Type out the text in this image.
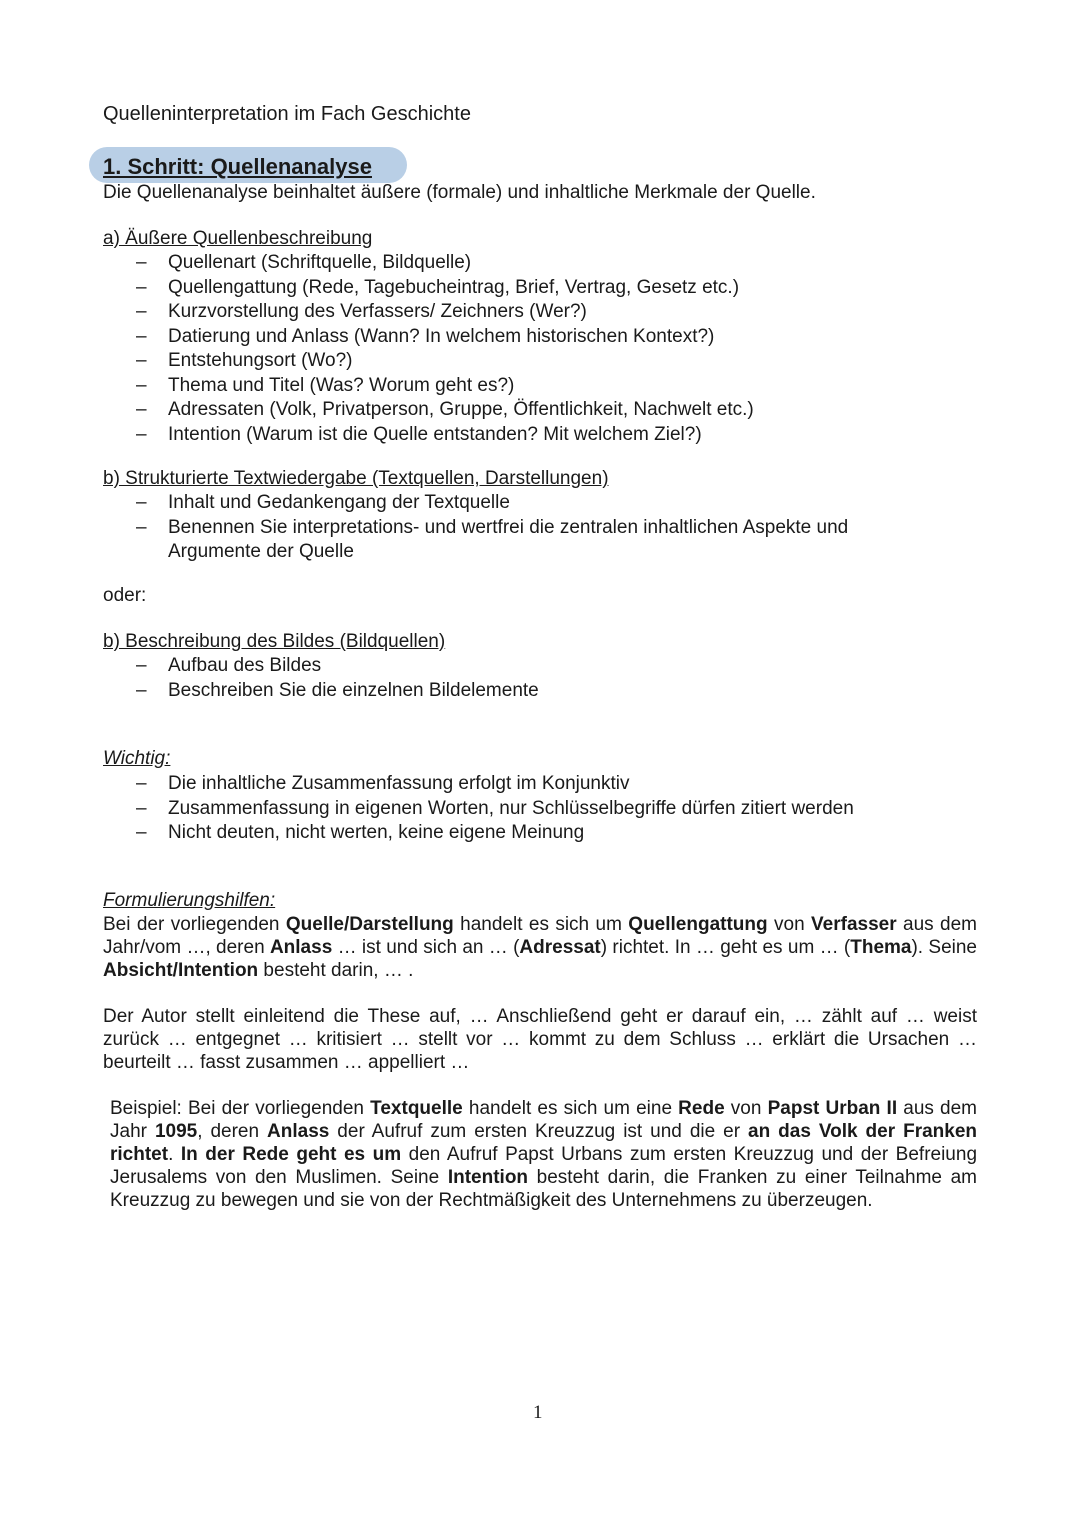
Quelleninterpretation im Fach Geschichte
1. Schritt: Quellenanalyse
Die Quellenanalyse beinhaltet äußere (formale) und inhaltliche Merkmale der Quelle.
a) Äußere Quellenbeschreibung
– Quellenart (Schriftquelle, Bildquelle)
– Quellengattung (Rede, Tagebucheintrag, Brief, Vertrag, Gesetz etc.)
– Kurzvorstellung des Verfassers/ Zeichners (Wer?)
– Datierung und Anlass (Wann? In welchem historischen Kontext?)
– Entstehungsort (Wo?)
– Thema und Titel (Was? Worum geht es?)
– Adressaten (Volk, Privatperson, Gruppe, Öffentlichkeit, Nachwelt etc.)
– Intention (Warum ist die Quelle entstanden? Mit welchem Ziel?)
b) Strukturierte Textwiedergabe (Textquellen, Darstellungen)
– Inhalt und Gedankengang der Textquelle
– Benennen Sie interpretations- und wertfrei die zentralen inhaltlichen Aspekte und
Argumente der Quelle
oder:
b) Beschreibung des Bildes (Bildquellen)
– Aufbau des Bildes
– Beschreiben Sie die einzelnen Bildelemente
Wichtig:
– Die inhaltliche Zusammenfassung erfolgt im Konjunktiv
– Zusammenfassung in eigenen Worten, nur Schlüsselbegriffe dürfen zitiert werden
– Nicht deuten, nicht werten, keine eigene Meinung
Formulierungshilfen:
Bei der vorliegenden Quelle/Darstellung handelt es sich um Quellengattung von Verfasser aus dem Jahr/vom …, deren Anlass … ist und sich an … (Adressat) richtet. In … geht es um … (Thema). Seine Absicht/Intention besteht darin, … .
Der Autor stellt einleitend die These auf, … Anschließend geht er darauf ein, … zählt auf … weist zurück … entgegnet … kritisiert … stellt vor … kommt zu dem Schluss … erklärt die Ursachen … beurteilt … fasst zusammen … appelliert …
Beispiel: Bei der vorliegenden Textquelle handelt es sich um eine Rede von Papst Urban II aus dem Jahr 1095, deren Anlass der Aufruf zum ersten Kreuzzug ist und die er an das Volk der Franken richtet. In der Rede geht es um den Aufruf Papst Urbans zum ersten Kreuzzug und der Befreiung Jerusalems von den Muslimen. Seine Intention besteht darin, die Franken zu einer Teilnahme am Kreuzzug zu bewegen und sie von der Rechtmäßigkeit des Unternehmens zu überzeugen.
1
